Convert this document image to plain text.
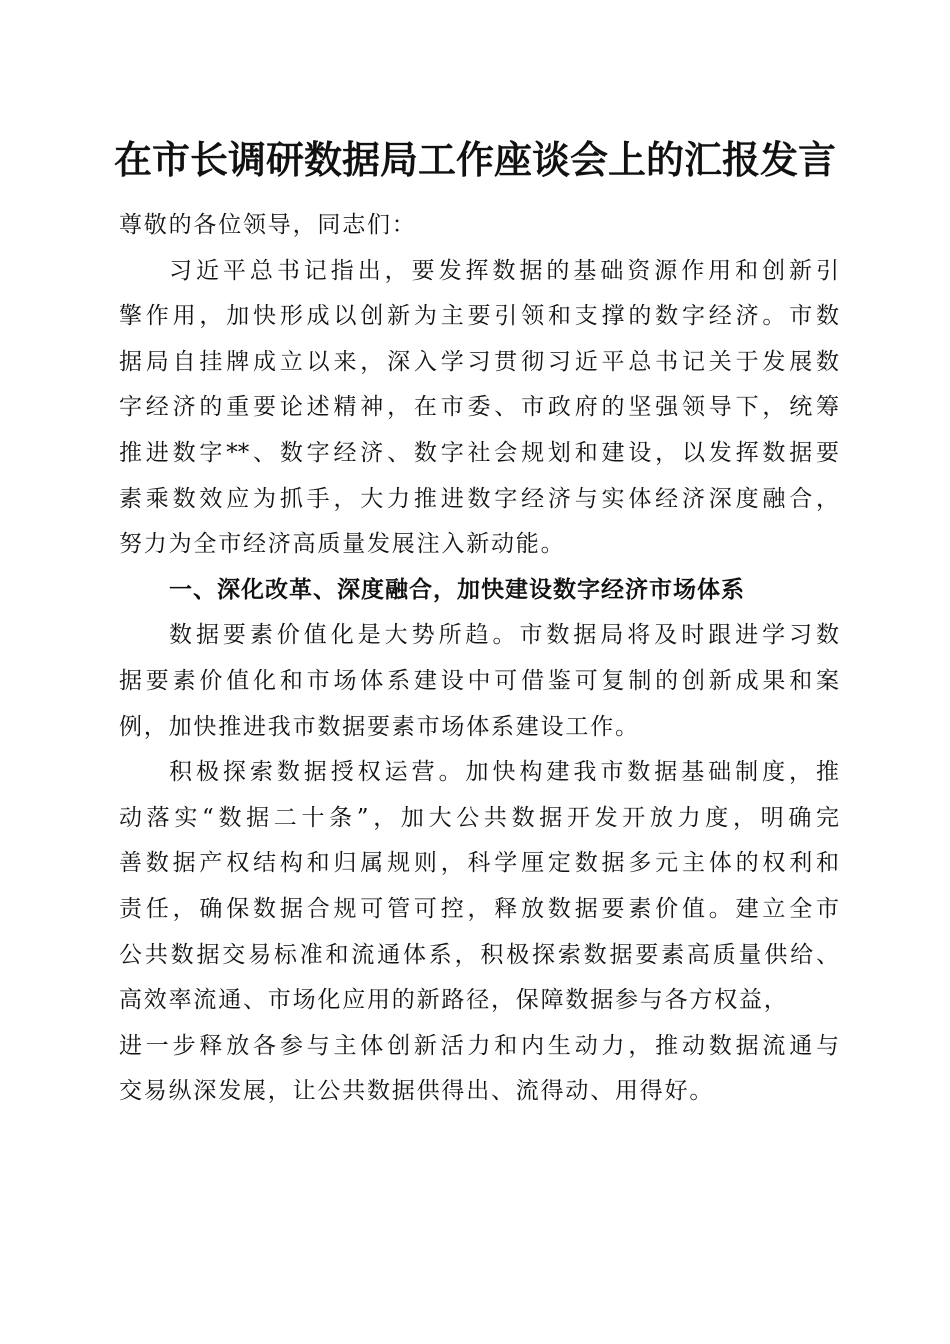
在市长调研数据局工作座谈会上的汇报发言
尊敬的各位领导，同志们：
习近平总书记指出，要发挥数据的基础资源作用和创新引
擎作用，加快形成以创新为主要引领和支撑的数字经济。市数
据局自挂牌成立以来，深入学习贯彻习近平总书记关于发展数
字经济的重要论述精神，在市委、市政府的坚强领导下，统筹
推进数字**、数字经济、数字社会规划和建设，以发挥数据要
素乘数效应为抓手，大力推进数字经济与实体经济深度融合，
努力为全市经济高质量发展注入新动能。
一、深化改革、深度融合，加快建设数字经济市场体系
数据要素价值化是大势所趋。市数据局将及时跟进学习数
据要素价值化和市场体系建设中可借鉴可复制的创新成果和案
例，加快推进我市数据要素市场体系建设工作。
积极探索数据授权运营。加快构建我市数据基础制度，推
动落实“数据二十条”，加大公共数据开发开放力度，明确完
善数据产权结构和归属规则，科学厘定数据多元主体的权利和
责任，确保数据合规可管可控，释放数据要素价值。建立全市
公共数据交易标准和流通体系，积极探索数据要素高质量供给、
高效率流通、市场化应用的新路径，保障数据参与各方权益，
进一步释放各参与主体创新活力和内生动力，推动数据流通与
交易纵深发展，让公共数据供得出、流得动、用得好。
